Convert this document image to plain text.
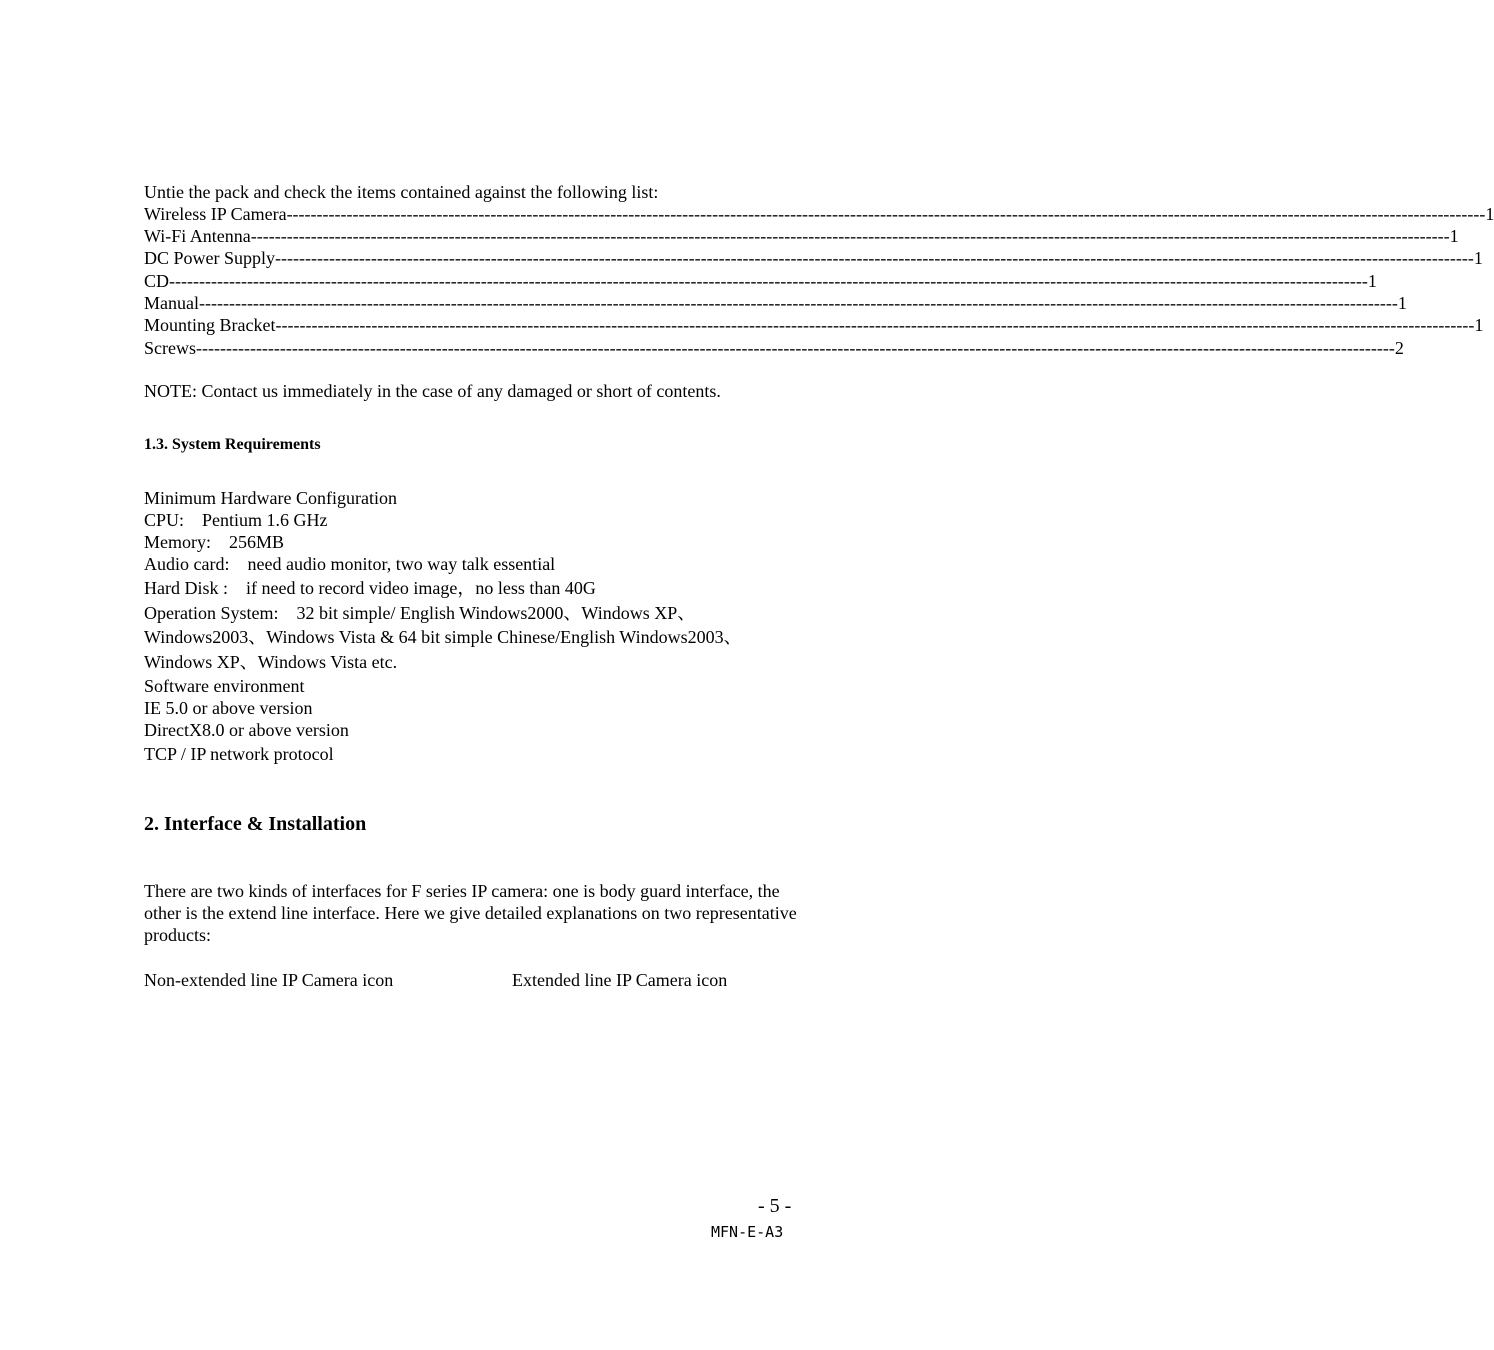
Untie the pack and check the items contained against the following list:
Wireless IP Camera -------------------------------------------------------------------------------------------------------------------------------------------------------------------------------------------------------- 1
Wi-Fi Antenna -------------------------------------------------------------------------------------------------------------------------------------------------------------------------------------------------------- 1
DC Power Supply -------------------------------------------------------------------------------------------------------------------------------------------------------------------------------------------------------- 1
CD -------------------------------------------------------------------------------------------------------------------------------------------------------------------------------------------------------- 1
Manual -------------------------------------------------------------------------------------------------------------------------------------------------------------------------------------------------------- 1
Mounting Bracket -------------------------------------------------------------------------------------------------------------------------------------------------------------------------------------------------------- 1
Screws -------------------------------------------------------------------------------------------------------------------------------------------------------------------------------------------------------- 2
NOTE: Contact us immediately in the case of any damaged or short of contents.
1.3. System Requirements
Minimum Hardware Configuration
CPU:    Pentium 1.6 GHz
Memory:    256MB
Audio card:    need audio monitor, two way talk essential
Hard Disk :    if need to record video image，no less than 40G
Operation System:    32 bit simple/ English Windows2000、Windows XP、
Windows2003、Windows Vista & 64 bit simple Chinese/English Windows2003、
Windows XP、Windows Vista etc.
Software environment
IE 5.0 or above version
DirectX8.0 or above version
TCP / IP network protocol
2. Interface & Installation
There are two kinds of interfaces for F series IP camera: one is body guard interface, the other is the extend line interface. Here we give detailed explanations on two representative products:
Non-extended line IP Camera icon	Extended line IP Camera icon
- 5 -
MFN-E-A3
